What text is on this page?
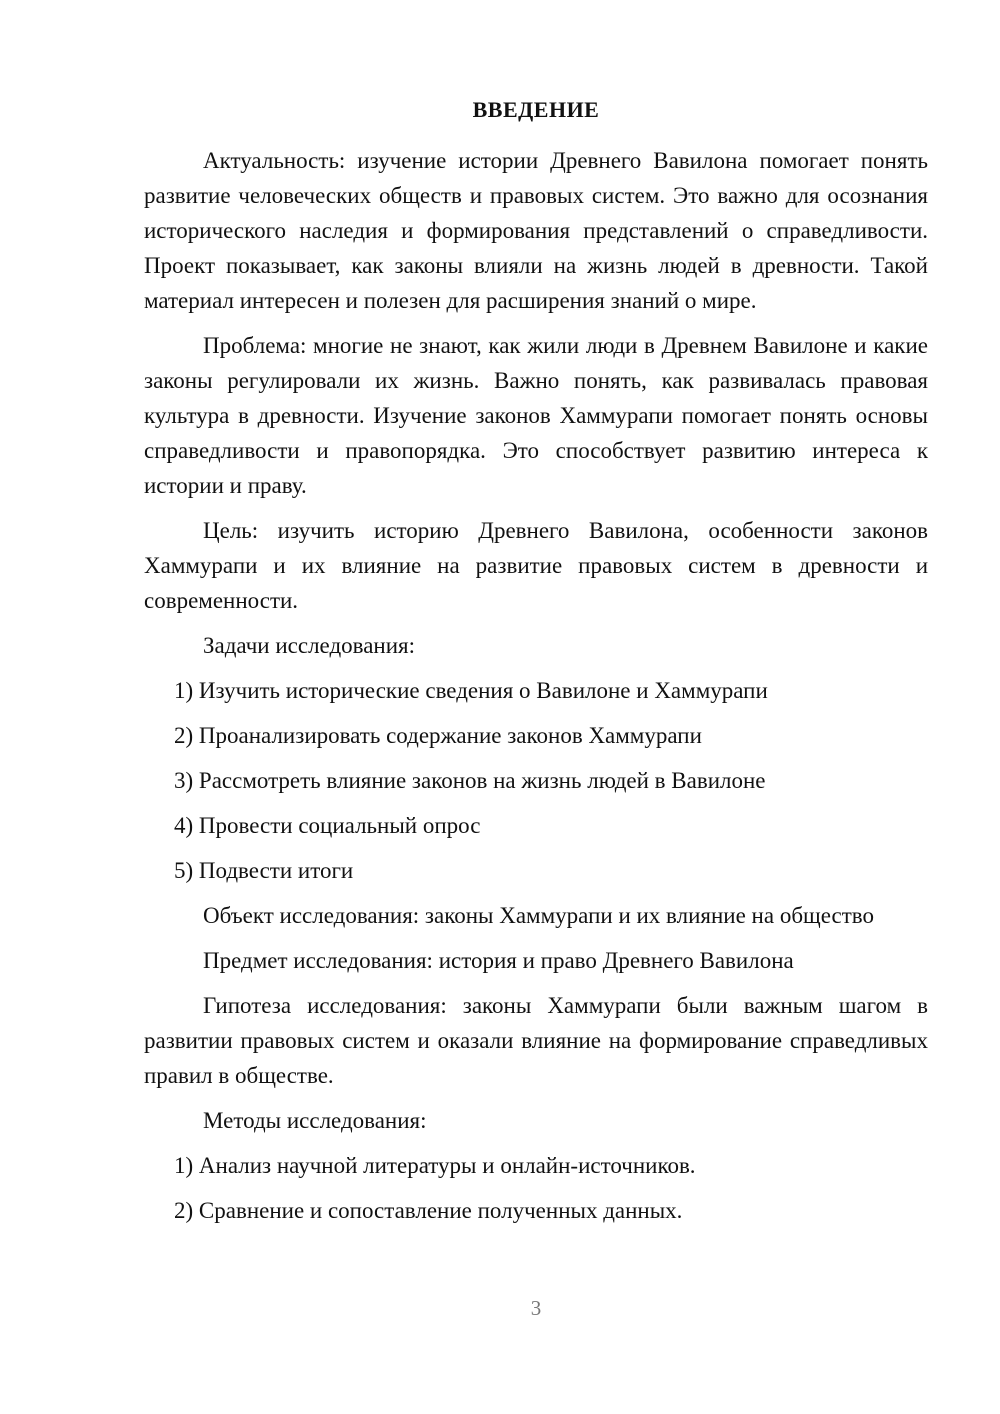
ВВЕДЕНИЕ

Актуальность: изучение истории Древнего Вавилона помогает понять развитие человеческих обществ и правовых систем. Это важно для осознания исторического наследия и формирования представлений о справедливости. Проект показывает, как законы влияли на жизнь людей в древности. Такой материал интересен и полезен для расширения знаний о мире.

Проблема: многие не знают, как жили люди в Древнем Вавилоне и какие законы регулировали их жизнь. Важно понять, как развивалась правовая культура в древности. Изучение законов Хаммурапи помогает понять основы справедливости и правопорядка. Это способствует развитию интереса к истории и праву.

Цель: изучить историю Древнего Вавилона, особенности законов Хаммурапи и их влияние на развитие правовых систем в древности и современности.

Задачи исследования:

1) Изучить исторические сведения о Вавилоне и Хаммурапи

2) Проанализировать содержание законов Хаммурапи

3) Рассмотреть влияние законов на жизнь людей в Вавилоне

4) Провести социальный опрос

5) Подвести итоги

Объект исследования: законы Хаммурапи и их влияние на общество

Предмет исследования: история и право Древнего Вавилона

Гипотеза исследования: законы Хаммурапи были важным шагом в развитии правовых систем и оказали влияние на формирование справедливых правил в обществе.

Методы исследования:

1) Анализ научной литературы и онлайн-источников.

2) Сравнение и сопоставление полученных данных.

3
